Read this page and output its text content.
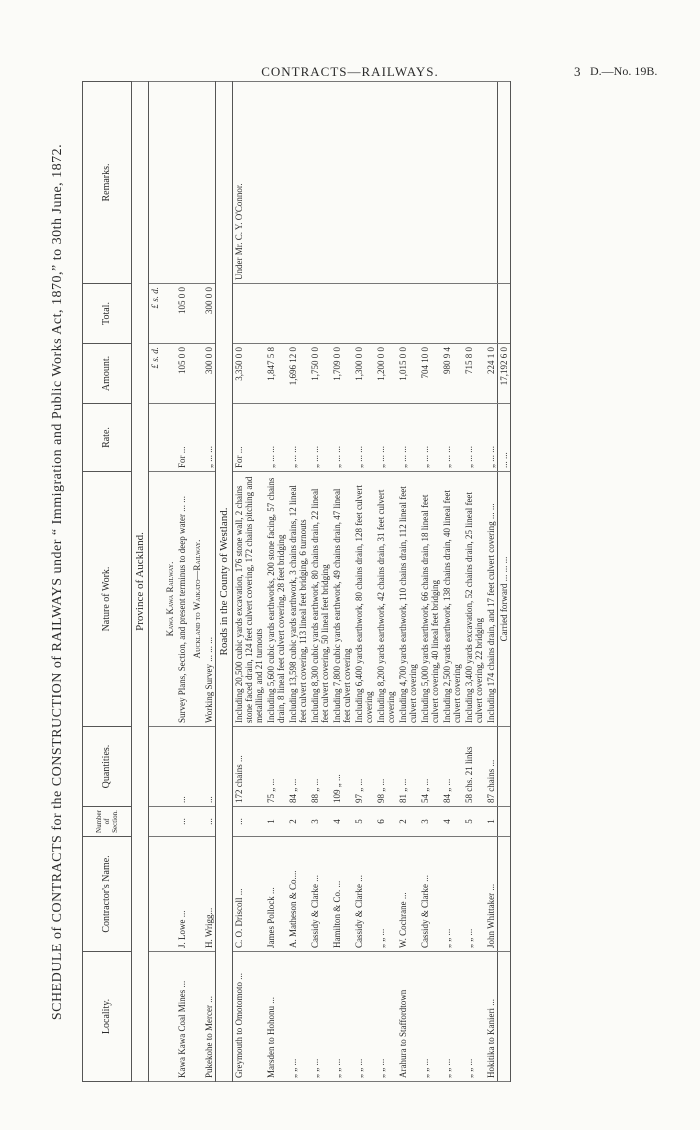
CONTRACTS—RAILWAYS.	3 D.—No. 19B.
SCHEDULE of CONTRACTS for the CONSTRUCTION of RAILWAYS under “ Immigration and Public Works Act, 1870,” to 30th June, 1872.	Locality.	Contractor's Name.	Number of Section.	Quantities.	Nature of Work.	Rate.	Amount.	Total.	Remarks.
Province of Auckland.								
						£ s. d.	£ s. d.	
				Kawa Kawa Railway.				
Kawa Kawa Coal Mines ...	J. Lowe ...	...	...	Survey Plans, Section, and present terminus to deep water ... ...	For ...	105 0 0	105 0 0	
				Auckland to Waikato—Railway.				
Pukekohe to Mercer ...	H. Wrigg...	...	...	Working Survey ... ... ...	„ ... ...	300 0 0	300 0 0	
Roads in the County of Westland.								
Greymouth to Omotomoto ...	C. O. Driscoll ...	...	172 chains ...	Including 20,500 cubic yards excavation, 176 stone wall, 2 chains stone faced drain, 124 feet culvert covering, 172 chains pitching and metalling, and 21 turnouts	For ...	3,350 0 0		Under Mr. C. Y. O'Connor.
Marsden to Hohonu ...	James Pollock ...	1	75 „ ...	Including 5,600 cubic yards earthworks, 200 stone facing, 57 chains drain, 8 lineal feet culvert covering, 28 feet bridging	„ ... ...	1,847 5 8		
„ „ ...	A. Matheson & Co....	2	84 „ ...	Including 13,598 cubic yards earthwork, 3 chains drains, 12 lineal feet culvert covering, 113 lineal feet bridging, 6 turnouts	„ ... ...	1,696 12 0		
„ „ ...	Cassidy & Clarke ...	3	88 „ ...	Including 8,300 cubic yards earthwork, 80 chains drain, 22 lineal feet culvert covering, 50 lineal feet bridging	„ ... ...	1,750 0 0		
„ „ ...	Hamilton & Co. ...	4	109 „ ...	Including 7,800 cubic yards earthwork, 49 chains drain, 47 lineal feet culvert covering	„ ... ...	1,709 0 0		
„ „ ...	Cassidy & Clarke ...	5	97 „ ...	Including 6,400 yards earthwork, 80 chains drain, 128 feet culvert covering	„ ... ...	1,300 0 0		
„ „ ...	„ „ ...	6	98 „ ...	Including 8,200 yards earthwork, 42 chains drain, 31 feet culvert covering	„ ... ...	1,200 0 0		
Arahura to Staffordtown	W. Cochrane ...	2	81 „ ...	Including 4,700 yards earthwork, 110 chains drain, 112 lineal feet culvert covering	„ ... ...	1,015 0 0		
„ „ ...	Cassidy & Clarke ...	3	54 „ ...	Including 5,000 yards earthwork, 66 chains drain, 18 lineal feet culvert covering, 40 lineal feet bridging	„ ... ...	704 10 0		
„ „ ...	„ „ ...	4	84 „ ...	Including 2,500 yards earthwork, 138 chains drain, 40 lineal feet culvert covering	„ ... ...	980 9 4		
„ „ ...	„ „ ...	5	58 chs. 21 links	Including 3,400 yards excavation, 52 chains drain, 25 lineal feet culvert covering, 22 bridging	„ ... ...	715 8 0		
Hokitika to Kanieri ...	John Whittaker ...	1	87 chains ...	Including 174 chains drain, and 17 feet culvert covering ... ...	„ ... ...	224 1 0		
				Carried forward ... ... ...	... ...	17,192 6 0		
